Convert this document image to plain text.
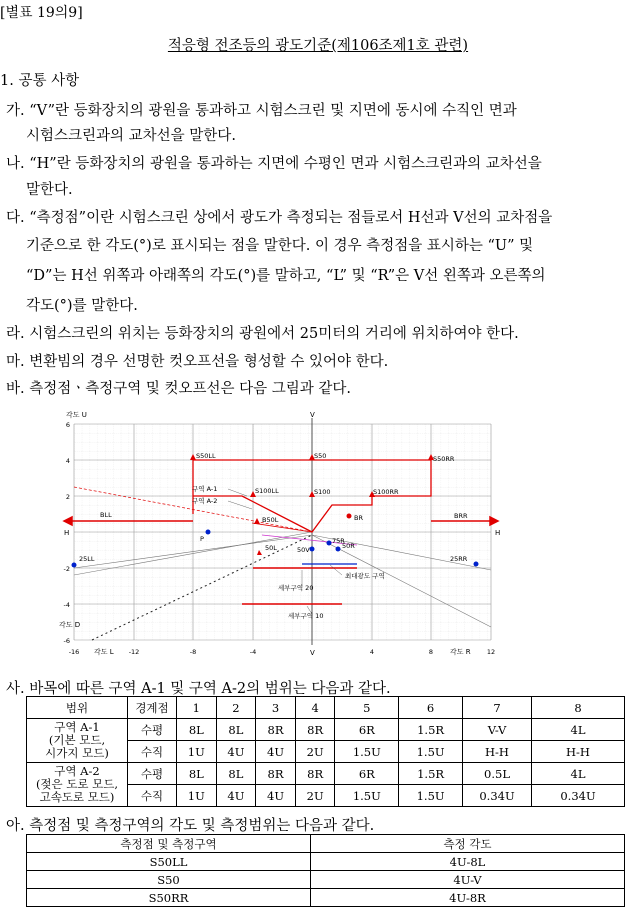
[별표 19의9]
적응형 전조등의 광도기준(제106조제1호 관련)
1. 공통 사항
가. “V”란 등화장치의 광원을 통과하고 시험스크린 및 지면에 동시에 수직인 면과
시험스크린과의 교차선을 말한다.
나. “H”란 등화장치의 광원을 통과하는 지면에 수평인 면과 시험스크린과의 교차선을
말한다.
다. “측정점”이란 시험스크린 상에서 광도가 측정되는 점들로서 H선과 V선의 교차점을
기준으로 한 각도(°)로 표시되는 점을 말한다. 이 경우 측정점을 표시하는 “U” 및
“D”는 H선 위쪽과 아래쪽의 각도(°)를 말하고, “L” 및 “R”은 V선 왼쪽과 오른쪽의
각도(°)를 말한다.
라. 시험스크린의 위치는 등화장치의 광원에서 25미터의 거리에 위치하여야 한다.
마. 변환빔의 경우 선명한 컷오프선을 형성할 수 있어야 한다.
바. 측정점ㆍ측정구역 및 컷오프선은 다음 그림과 같다.
각도 U	V
각도 D
각도 L	각도 R
V
H	H
-16	-12	-8	-4	4	8	12
6
4
2
-2
-4
-6
S50LL	S50	S50RR
구역 A-1
구역 A-2
S100LL	S100	S100RR
BLL
B50L	BR	BRR
P
50L	50V
75R
50R
25LL	25RR
최대광도 구역
세부구역 20
세부구역 10
사. 바목에 따른 구역 A-1 및 구역 A-2의 범위는 다음과 같다.
범위	경계점	1	2	3	4	5	6	7	8

구역 A-1
(기본 모드,
시가지 모드)	수평	8L	8L	8R	8R	6R	1.5R	V-V	4L
	수직	1U	4U	4U	2U	1.5U	1.5U	H-H	H-H

구역 A-2
(젖은 도로 모드,
고속도로 모드)	수평	8L	8L	8R	8R	6R	1.5R	0.5L	4L
	수직	1U	4U	4U	2U	1.5U	1.5U	0.34U	0.34U
아. 측정점 및 측정구역의 각도 및 측정범위는 다음과 같다.
측정점 및 측정구역	측정 각도
S50LL	4U-8L
S50	4U-V
S50RR	4U-8R
